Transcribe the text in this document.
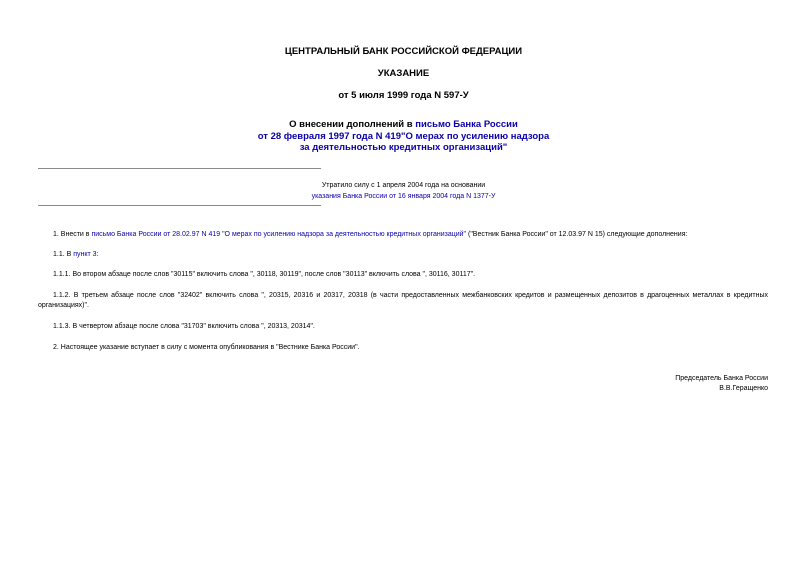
ЦЕНТРАЛЬНЫЙ БАНК РОССИЙСКОЙ ФЕДЕРАЦИИ
УКАЗАНИЕ
от 5 июля 1999 года N 597-У
О внесении дополнений в письмо Банка России
от 28 февраля 1997 года N 419"О мерах по усилению надзора
за деятельностью кредитных организаций"
Утратило силу с 1 апреля 2004 года на основании
указания Банка России от 16 января 2004 года N 1377-У
1. Внести в письмо Банка России от 28.02.97 N 419 "О мерах по усилению надзора за деятельностью кредитных организаций" ("Вестник Банка России" от 12.03.97 N 15) следующие дополнения:
1.1. В пункт 3:
1.1.1. Во втором абзаце после слов "30115" включить слова ", 30118, 30119", после слов "30113" включить слова ", 30116, 30117".
1.1.2. В третьем абзаце после слов "32402" включить слова ", 20315, 20316 и 20317, 20318 (в части предоставленных межбанковских кредитов и размещенных депозитов в драгоценных металлах в кредитных организациях)".
1.1.3. В четвертом абзаце после слова "31703" включить слова ", 20313, 20314".
2. Настоящее указание вступает в силу с момента опубликования в "Вестнике Банка России".
Председатель Банка России
В.В.Геращенко
